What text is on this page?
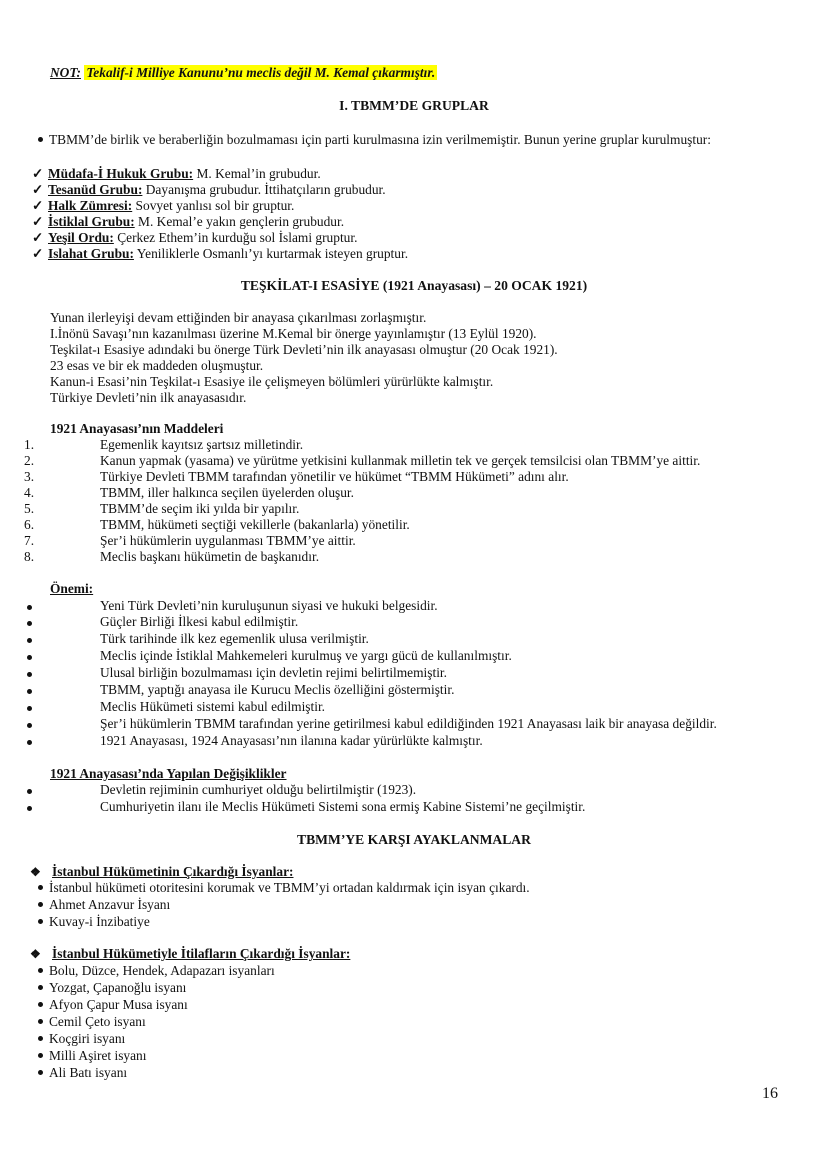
NOT: Tekalif-i Milliye Kanunu’nu meclis değil M. Kemal çıkarmıştır.
I. TBMM’DE GRUPLAR
TBMM’de birlik ve beraberliğin bozulmaması için parti kurulmasına izin verilmemiştir. Bunun yerine gruplar kurulmuştur:
✓ Müdafa-İ Hukuk Grubu: M. Kemal’in grubudur.
✓ Tesanüd Grubu: Dayanışma grubudur. İttihatçıların grubudur.
✓ Halk Zümresi: Sovyet yanlısı sol bir gruptur.
✓ İstiklal Grubu: M. Kemal’e yakın gençlerin grubudur.
✓ Yeşil Ordu: Çerkez Ethem’in kurduğu sol İslami gruptur.
✓ Islahat Grubu: Yeniliklerle Osmanlı’yı kurtarmak isteyen gruptur.
TEŞKİLAT-I ESASİYE (1921 Anayasası) – 20 OCAK 1921)
Yunan ilerleyişi devam ettiğinden bir anayasa çıkarılması zorlaşmıştır.
I.İnönü Savaşı’nın kazanılması üzerine M.Kemal bir önerge yayınlamıştır (13 Eylül 1920).
Teşkilat-ı Esasiye adındaki bu önerge Türk Devleti’nin ilk anayasası olmuştur (20 Ocak 1921).
23 esas ve bir ek maddeden oluşmuştur.
Kanun-i Esasi’nin Teşkilat-ı Esasiye ile çelişmeyen bölümleri yürürlükte kalmıştır.
Türkiye Devleti’nin ilk anayasasıdır.
1921 Anayasası’nın Maddeleri
1.	Egemenlik kayıtsız şartsız milletindir.
2.	Kanun yapmak (yasama) ve yürütme yetkisini kullanmak milletin tek ve gerçek temsilcisi olan TBMM’ye aittir.
3.	Türkiye Devleti TBMM tarafından yönetilir ve hükümet “TBMM Hükümeti” adını alır.
4.	TBMM, iller halkınca seçilen üyelerden oluşur.
5.	TBMM’de seçim iki yılda bir yapılır.
6.	TBMM, hükümeti seçtiği vekillerle (bakanlarla) yönetilir.
7.	Şer’i hükümlerin uygulanması TBMM’ye aittir.
8.	Meclis başkanı hükümetin de başkanıdır.
Önemi:
Yeni Türk Devleti’nin kuruluşunun siyasi ve hukuki belgesidir.
Güçler Birliği İlkesi kabul edilmiştir.
Türk tarihinde ilk kez egemenlik ulusa verilmiştir.
Meclis içinde İstiklal Mahkemeleri kurulmuş ve yargı gücü de kullanılmıştır.
Ulusal birliğin bozulmaması için devletin rejimi belirtilmemiştir.
TBMM, yaptığı anayasa ile Kurucu Meclis özelliğini göstermiştir.
Meclis Hükümeti sistemi kabul edilmiştir.
Şer’i hükümlerin TBMM tarafından yerine getirilmesi kabul edildiğinden 1921 Anayasası laik bir anayasa değildir.
1921 Anayasası, 1924 Anayasası’nın ilanına kadar yürürlükte kalmıştır.
1921 Anayasası’nda Yapılan Değişiklikler
Devletin rejiminin cumhuriyet olduğu belirtilmiştir (1923).
Cumhuriyetin ilanı ile Meclis Hükümeti Sistemi sona ermiş Kabine Sistemi’ne geçilmiştir.
TBMM’YE KARŞI AYAKLANMALAR
❖ İstanbul Hükümetinin Çıkardığı İsyanlar:
İstanbul hükümeti otoritesini korumak ve TBMM’yi ortadan kaldırmak için isyan çıkardı.
Ahmet Anzavur İsyanı
Kuvay-i İnzibatiye
❖ İstanbul Hükümetiyle İtilafların Çıkardığı İsyanlar:
Bolu, Düzce, Hendek, Adapazarı isyanları
Yozgat, Çapanoğlu isyanı
Afyon Çapur Musa isyanı
Cemil Çeto isyanı
Koçgiri isyanı
Milli Aşiret isyanı
Ali Batı isyanı
16
